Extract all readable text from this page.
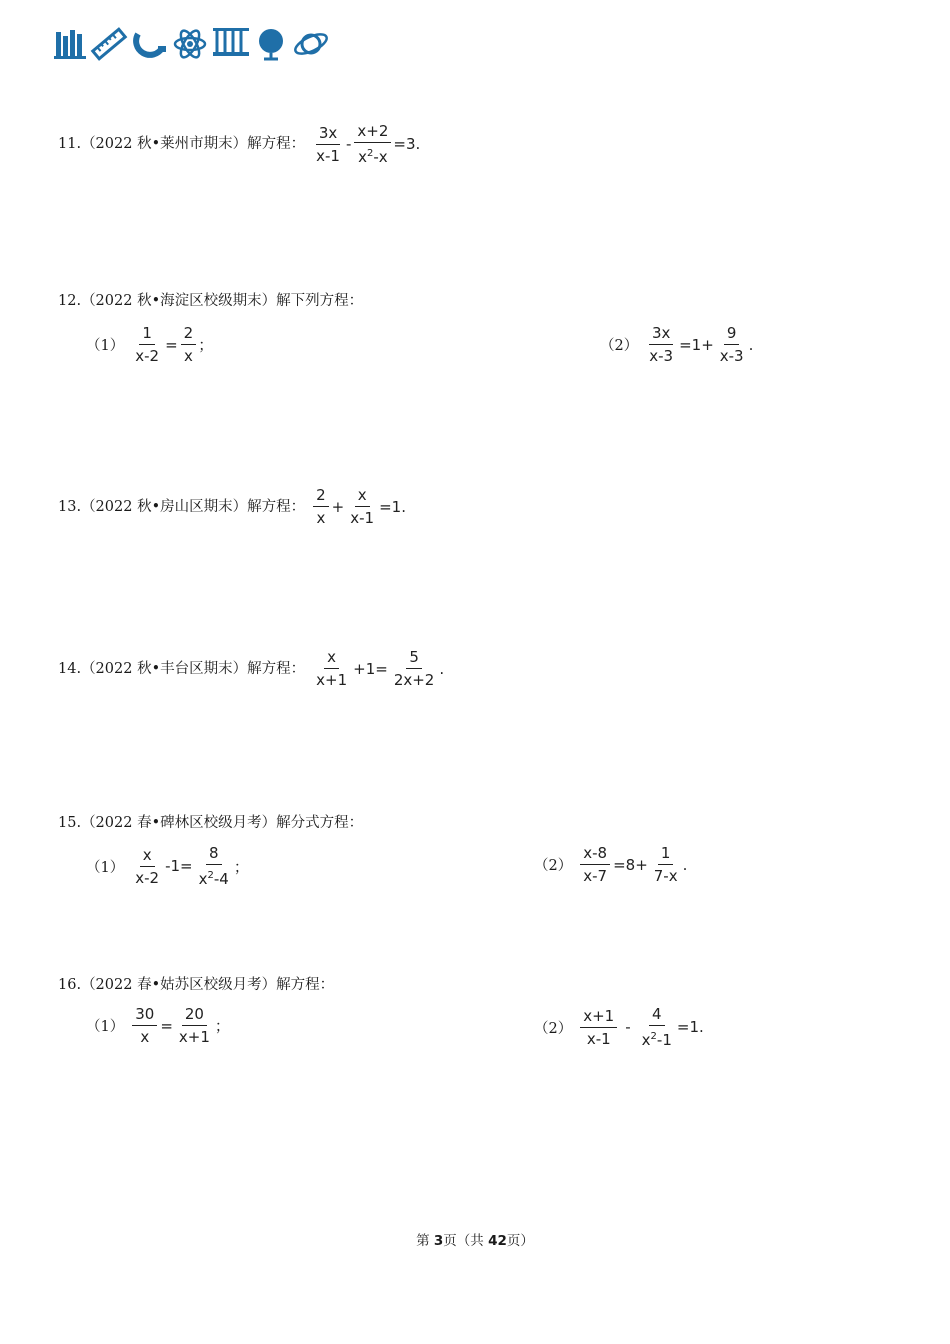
11. （2022 秋•莱州市期末）解方程： $\frac{3x}{x-1} - \frac{x+2}{x^2-x} =3$.
12. （2022 秋•海淀区校级期末）解下列方程：
$(1) \frac{1}{x-2} = \frac{2}{x}$ ；	$(2) \frac{3x}{x-3} =1+ \frac{9}{x-3}$ .
13. （2022 秋•房山区期末）解方程： $\frac{2}{x} + \frac{x}{x-1} =1$.
14. （2022 秋•丰台区期末）解方程： $\frac{x}{x+1} +1= \frac{5}{2x+2}$ .
15. （2022 春•碑林区校级月考）解分式方程：
$(1) \frac{x}{x-2} -1= \frac{8}{x^2-4}$ ；	$(2) \frac{x-8}{x-7} =8+ \frac{1}{7-x}$ .
16. （2022 春•姑苏区校级月考）解方程：
$(1) \frac{30}{x} = \frac{20}{x+1}$ ；	$(2) \frac{x+1}{x-1} - \frac{4}{x^2-1} =1$.
第 3页（共 42页）
